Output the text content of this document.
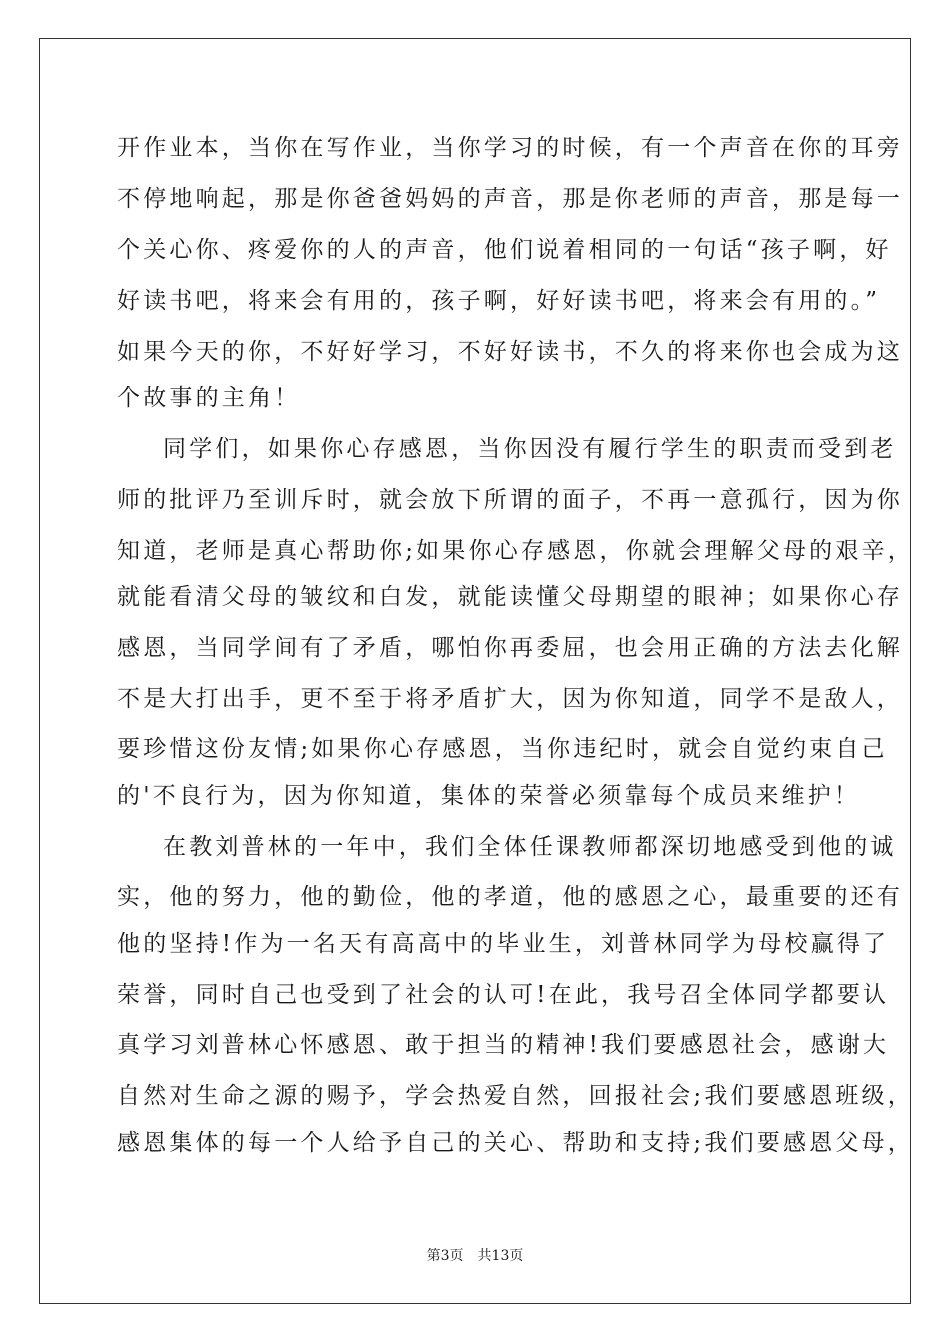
开作业本，当你在写作业，当你学习的时候，有一个声音在你的耳旁
不停地响起，那是你爸爸妈妈的声音，那是你老师的声音，那是每一
个关心你、疼爱你的人的声音，他们说着相同的一句话“孩子啊，好
好读书吧，将来会有用的，孩子啊，好好读书吧，将来会有用的。”
如果今天的你，不好好学习，不好好读书，不久的将来你也会成为这
个故事的主角！
同学们，如果你心存感恩，当你因没有履行学生的职责而受到老
师的批评乃至训斥时，就会放下所谓的面子，不再一意孤行，因为你
知道，老师是真心帮助你;如果你心存感恩，你就会理解父母的艰辛，
就能看清父母的皱纹和白发，就能读懂父母期望的眼神；如果你心存
感恩，当同学间有了矛盾，哪怕你再委屈，也会用正确的方法去化解
不是大打出手，更不至于将矛盾扩大，因为你知道，同学不是敌人，
要珍惜这份友情;如果你心存感恩，当你违纪时，就会自觉约束自己
的'不良行为，因为你知道，集体的荣誉必须靠每个成员来维护！
在教刘普林的一年中，我们全体任课教师都深切地感受到他的诚
实，他的努力，他的勤俭，他的孝道，他的感恩之心，最重要的还有
他的坚持!作为一名天有高高中的毕业生，刘普林同学为母校赢得了
荣誉，同时自己也受到了社会的认可!在此，我号召全体同学都要认
真学习刘普林心怀感恩、敢于担当的精神!我们要感恩社会，感谢大
自然对生命之源的赐予，学会热爱自然，回报社会;我们要感恩班级，
感恩集体的每一个人给予自己的关心、帮助和支持;我们要感恩父母，
第3页 共13页
